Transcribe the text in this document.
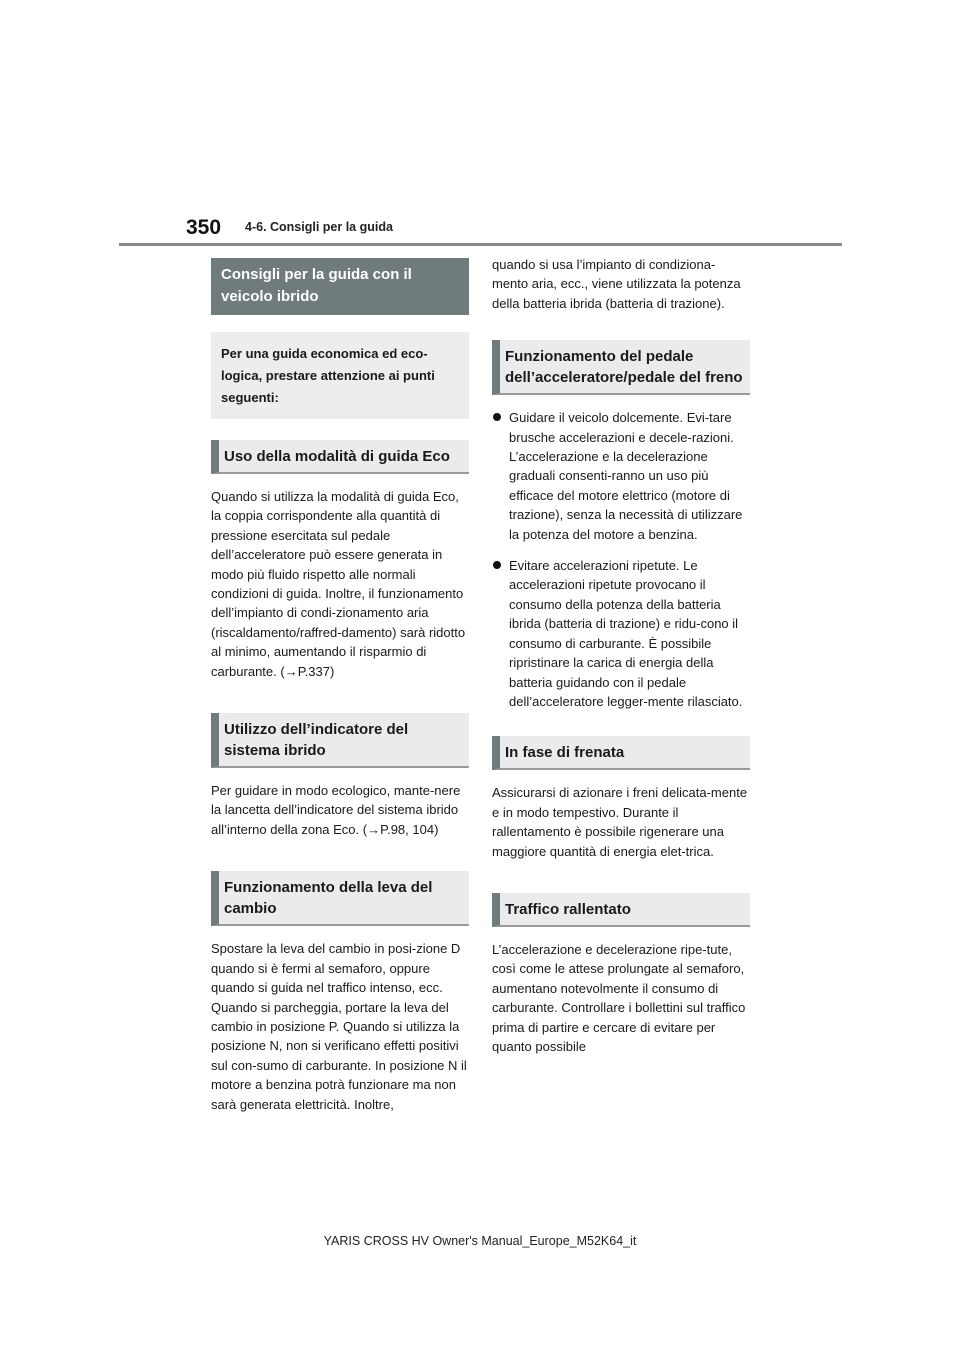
350 4-6. Consigli per la guida
Consigli per la guida con il veicolo ibrido
Per una guida economica ed eco-logica, prestare attenzione ai punti seguenti:
Uso della modalità di guida Eco

Quando si utilizza la modalità di guida Eco, la coppia corrispondente alla quantità di pressione esercitata sul pedale dell’acceleratore può essere generata in modo più fluido rispetto alle normali condizioni di guida. Inoltre, il funzionamento dell’impianto di condi-zionamento aria (riscaldamento/raffred-damento) sarà ridotto al minimo, aumentando il risparmio di carburante. (→P.337)

Utilizzo dell’indicatore del sistema ibrido

Per guidare in modo ecologico, mante-nere la lancetta dell’indicatore del sistema ibrido all’interno della zona Eco. (→P.98, 104)

Funzionamento della leva del cambio

Spostare la leva del cambio in posi-zione D quando si è fermi al semaforo, oppure quando si guida nel traffico intenso, ecc. Quando si parcheggia, portare la leva del cambio in posizione P. Quando si utilizza la posizione N, non si verificano effetti positivi sul con-sumo di carburante. In posizione N il motore a benzina potrà funzionare ma non sarà generata elettricità. Inoltre,

quando si usa l’impianto di condiziona-mento aria, ecc., viene utilizzata la potenza della batteria ibrida (batteria di trazione).

Funzionamento del pedale dell’acceleratore/pedale del freno
Guidare il veicolo dolcemente. Evi-tare brusche accelerazioni e decele-razioni. L’accelerazione e la decelerazione graduali consenti-ranno un uso più efficace del motore elettrico (motore di trazione), senza la necessità di utilizzare la potenza del motore a benzina.
Evitare accelerazioni ripetute. Le accelerazioni ripetute provocano il consumo della potenza della batteria ibrida (batteria di trazione) e ridu-cono il consumo di carburante. È possibile ripristinare la carica di energia della batteria guidando con il pedale dell’acceleratore legger-mente rilasciato.
In fase di frenata

Assicurarsi di azionare i freni delicata-mente e in modo tempestivo. Durante il rallentamento è possibile rigenerare una maggiore quantità di energia elet-trica.

Traffico rallentato

L’accelerazione e decelerazione ripe-tute, così come le attese prolungate al semaforo, aumentano notevolmente il consumo di carburante. Controllare i bollettini sul traffico prima di partire e cercare di evitare per quanto possibile

YARIS CROSS HV Owner's Manual_Europe_M52K64_it
